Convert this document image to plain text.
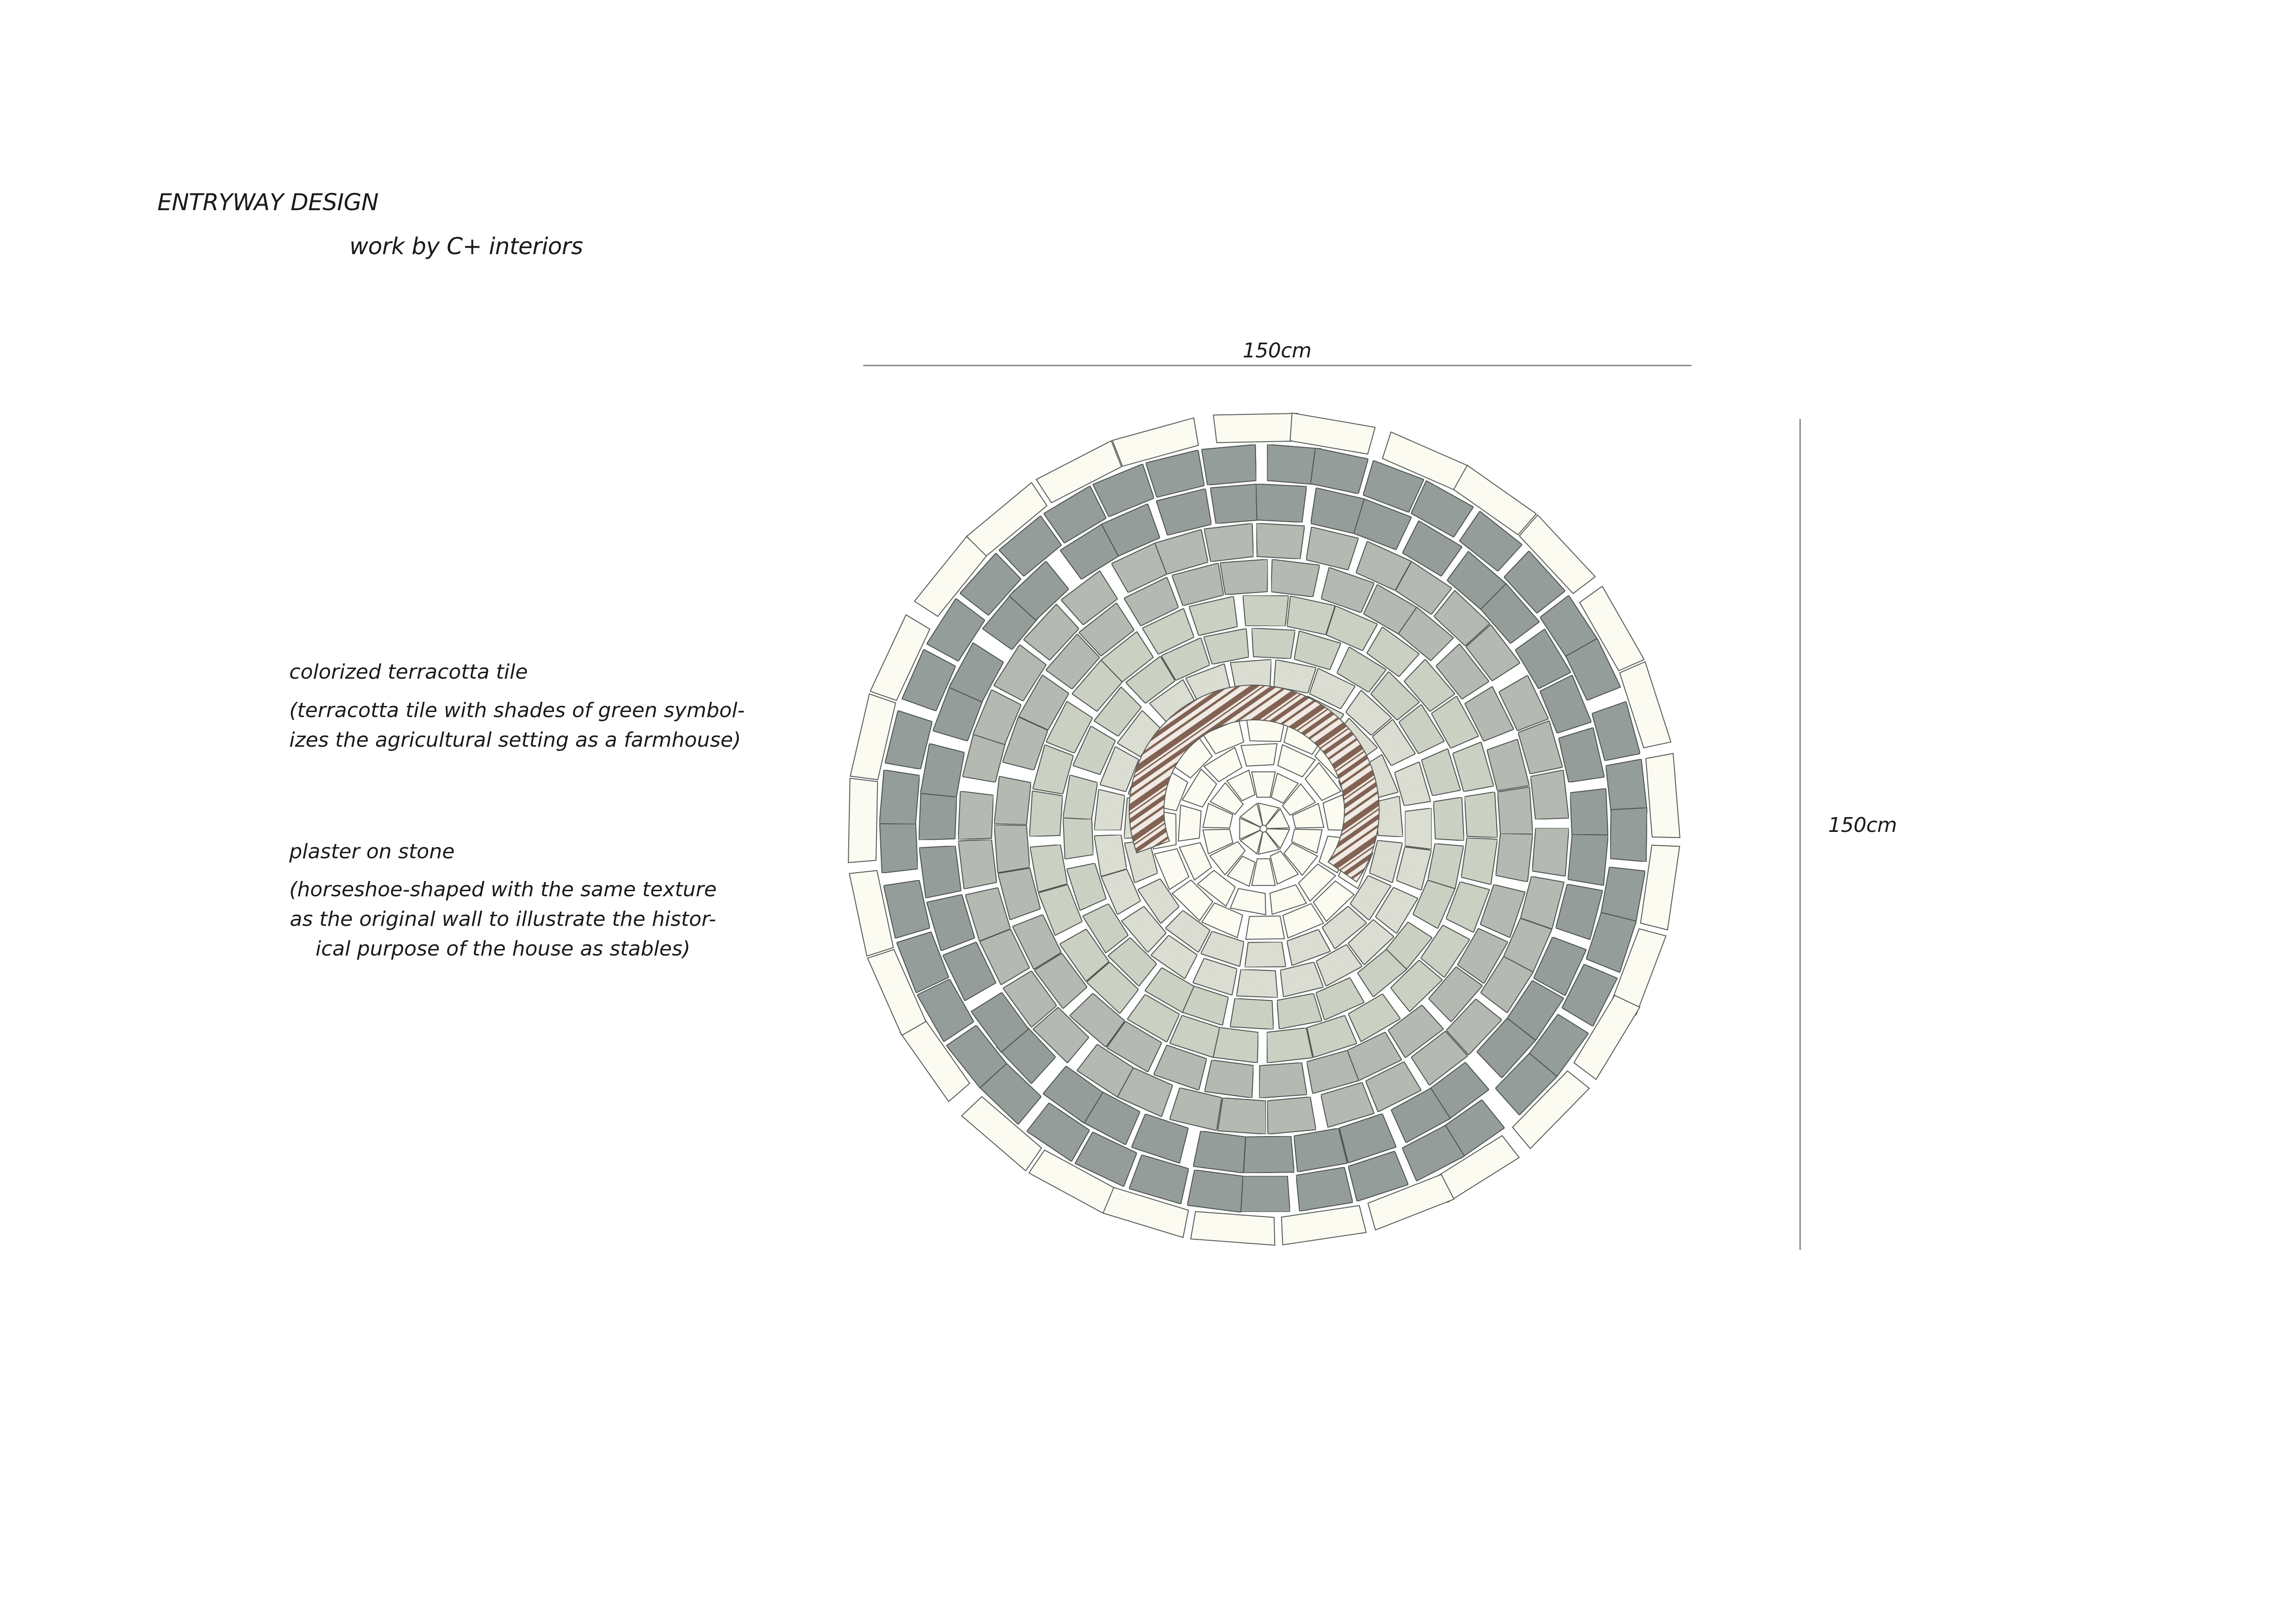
ENTRYWAY DESIGN
work by C+ interiors
150cm
150cm
colorized terracotta tile
(terracotta tile with shades of green symbol-
izes the agricultural setting as a farmhouse)
plaster on stone
(horseshoe-shaped with the same texture
as the original wall to illustrate the histor-
ical purpose of the house as stables)
